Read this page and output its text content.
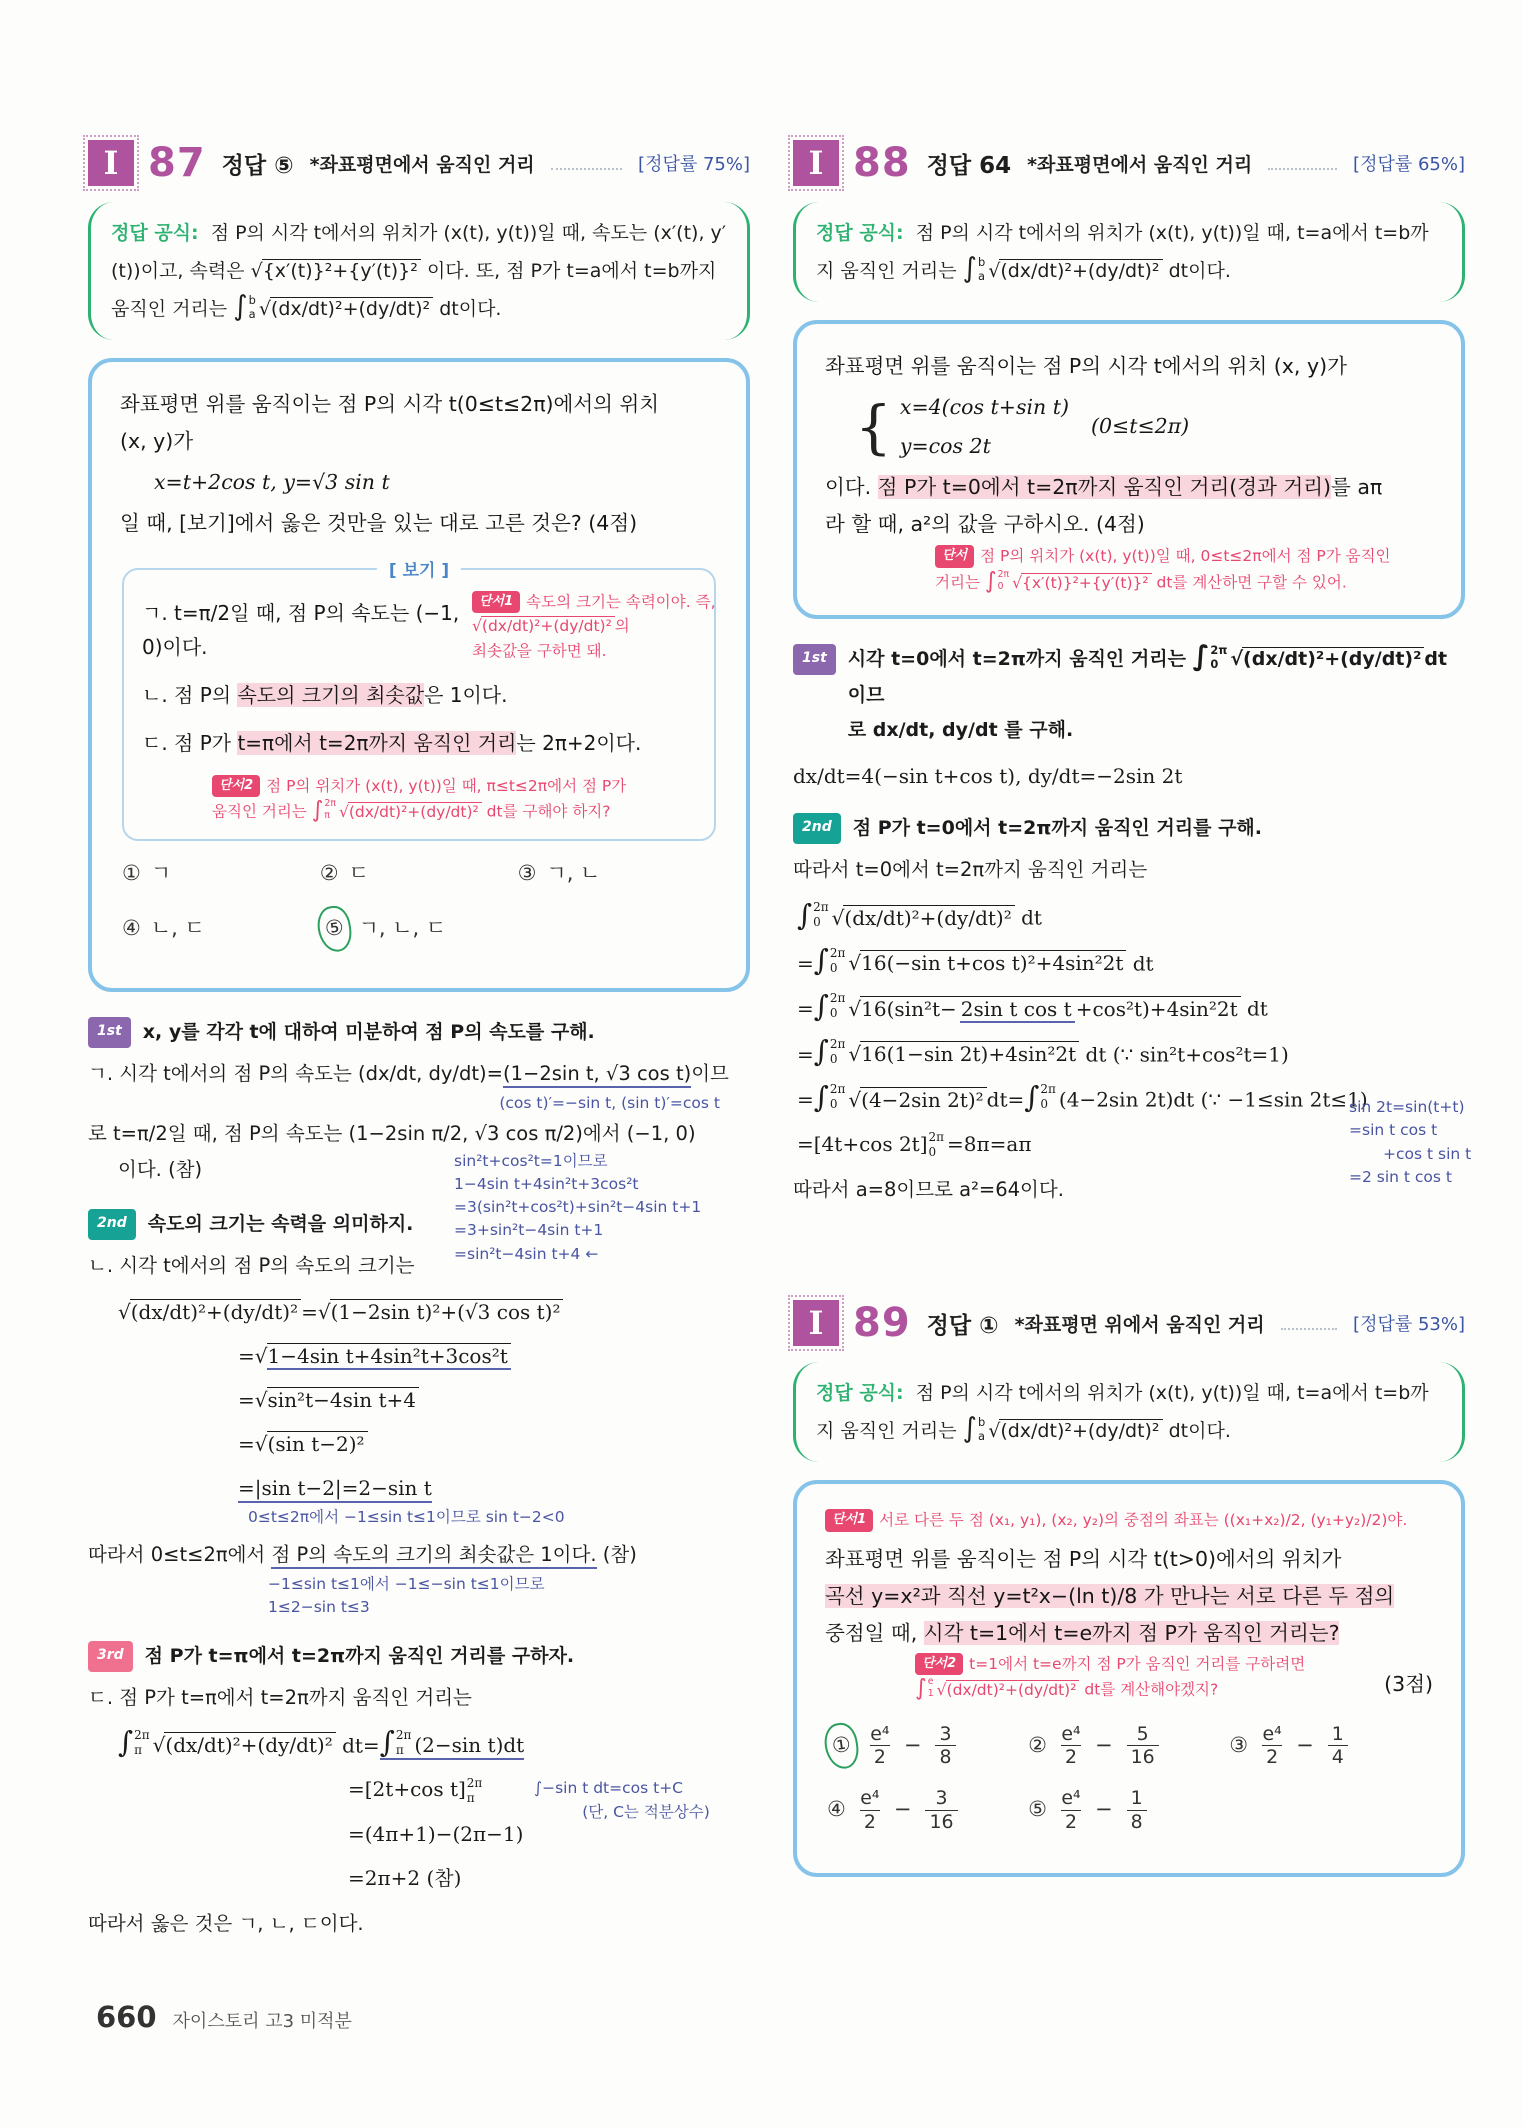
I 87 정답 ⑤ *좌표평면에서 움직인 거리	[정답률 75%]
정답 공식: 점 P의 시각 t에서의 위치가 (x(t), y(t))일 때, 속도는 (x′(t), y′(t))이고, 속력은 √{x′(t)}²+{y′(t)}² 이다. 또, 점 P가 t=a에서 t=b까지 움직인 거리는 ∫ b
a √(dx/dt)²+(dy/dt)² dt이다.
좌표평면 위를 움직이는 점 P의 시각 t(0≤t≤2π)에서의 위치
(x, y)가
x=t+2cos t, y=√3 sin t
일 때, [보기]에서 옳은 것만을 있는 대로 고른 것은? (4점)
[ 보기 ]
단서1 속도의 크기는 속력이야. 즉,
√(dx/dt)²+(dy/dt)² 의
최솟값을 구하면 돼.
ㄱ. t=π/2일 때, 점 P의 속도는 (−1, 0)이다.
ㄴ. 점 P의 속도의 크기의 최솟값은 1이다.
ㄷ. 점 P가 t=π에서 t=2π까지 움직인 거리는 2π+2이다.
단서2 점 P의 위치가 (x(t), y(t))일 때, π≤t≤2π에서 점 P가
움직인 거리는 ∫ 2π
π √(dx/dt)²+(dy/dt)² dt를 구해야 하지?
① ㄱ	② ㄷ	③ ㄱ, ㄴ
④ ㄴ, ㄷ	⑤ ㄱ, ㄴ, ㄷ
1st	x, y를 각각 t에 대하여 미분하여 점 P의 속도를 구해.
ㄱ. 시각 t에서의 점 P의 속도는 (dx/dt, dy/dt)=(1−2sin t, √3 cos t)이므
(cos t)′=−sin t, (sin t)′=cos t
로 t=π/2일 때, 점 P의 속도는 (1−2sin π/2, √3 cos π/2)에서 (−1, 0)
sin²t+cos²t=1이므로
1−4sin t+4sin²t+3cos²t
=3(sin²t+cos²t)+sin²t−4sin t+1
=3+sin²t−4sin t+1
=sin²t−4sin t+4 ←
이다. (참)
2nd	속도의 크기는 속력을 의미하지.
ㄴ. 시각 t에서의 점 P의 속도의 크기는
√(dx/dt)²+(dy/dt)² =√(1−2sin t)²+(√3 cos t)²
=√1−4sin t+4sin²t+3cos²t
=√sin²t−4sin t+4
=√(sin t−2)²
=|sin t−2|=2−sin t
0≤t≤2π에서 −1≤sin t≤1이므로 sin t−2<0
따라서 0≤t≤2π에서 점 P의 속도의 크기의 최솟값은 1이다. (참)
−1≤sin t≤1에서 −1≤−sin t≤1이므로
1≤2−sin t≤3
3rd	점 P가 t=π에서 t=2π까지 움직인 거리를 구하자.
ㄷ. 점 P가 t=π에서 t=2π까지 움직인 거리는
∫ 2π
π √(dx/dt)²+(dy/dt)² dt= ∫ 2π
π (2−sin t)dt
∫−sin t dt=cos t+C
(단, C는 적분상수)
=[2t+cos t] 2π
π
=(4π+1)−(2π−1)
=2π+2 (참)
따라서 옳은 것은 ㄱ, ㄴ, ㄷ이다.
I 88 정답 64 *좌표평면에서 움직인 거리	[정답률 65%]
정답 공식: 점 P의 시각 t에서의 위치가 (x(t), y(t))일 때, t=a에서 t=b까지 움직인 거리는 ∫ b
a √(dx/dt)²+(dy/dt)² dt이다.
좌표평면 위를 움직이는 점 P의 시각 t에서의 위치 (x, y)가
{ x=4(cos t+sin t)
y=cos 2t
(0≤t≤2π)
이다. 점 P가 t=0에서 t=2π까지 움직인 거리(경과 거리)를 aπ
라 할 때, a²의 값을 구하시오. (4점)
단서 점 P의 위치가 (x(t), y(t))일 때, 0≤t≤2π에서 점 P가 움직인
거리는 ∫ 2π
0 √{x′(t)}²+{y′(t)}² dt를 계산하면 구할 수 있어.
1st	시각 t=0에서 t=2π까지 움직인 거리는 ∫ 2π
0 √(dx/dt)²+(dy/dt)² dt이므
로 dx/dt, dy/dt 를 구해.
dx/dt=4(−sin t+cos t), dy/dt=−2sin 2t
2nd	점 P가 t=0에서 t=2π까지 움직인 거리를 구해.
따라서 t=0에서 t=2π까지 움직인 거리는
sin 2t=sin(t+t)
=sin t cos t
+cos t sin t
=2 sin t cos t
∫ 2π
0 √(dx/dt)²+(dy/dt)² dt
= ∫ 2π
0 √16(−sin t+cos t)²+4sin²2t dt
= ∫ 2π
0 √16(sin²t− 2sin t cos t +cos²t)+4sin²2t dt
= ∫ 2π
0 √16(1−sin 2t)+4sin²2t dt (∵ sin²t+cos²t=1)
= ∫ 2π
0 √(4−2sin 2t)² dt= ∫ 2π
0 (4−2sin 2t)dt (∵ −1≤sin 2t≤1)
=[4t+cos 2t] 2π
0 =8π=aπ
따라서 a=8이므로 a²=64이다.
I 89 정답 ① *좌표평면 위에서 움직인 거리	[정답률 53%]
정답 공식: 점 P의 시각 t에서의 위치가 (x(t), y(t))일 때, t=a에서 t=b까지 움직인 거리는 ∫ b
a √(dx/dt)²+(dy/dt)² dt이다.
단서1 서로 다른 두 점 (x₁, y₁), (x₂, y₂)의 중점의 좌표는 ((x₁+x₂)/2, (y₁+y₂)/2)야.
좌표평면 위를 움직이는 점 P의 시각 t(t>0)에서의 위치가
곡선 y=x²과 직선 y=t²x−(ln t)/8 가 만나는 서로 다른 두 점의
중점일 때, 시각 t=1에서 t=e까지 점 P가 움직인 거리는?
단서2 t=1에서 t=e까지 점 P가 움직인 거리를 구하려면

∫ e
1 √(dx/dt)²+(dy/dt)² dt를 계산해야겠지?	(3점)
① e⁴
2
− $\frac{3}{8}$	② e⁴
2
− $\frac{5}{16}$	③ e⁴
2
− $\frac{1}{4}$
④ e⁴
2
− $\frac{3}{16}$	⑤ e⁴
2
− $\frac{1}{8}$
660 자이스토리 고3 미적분
